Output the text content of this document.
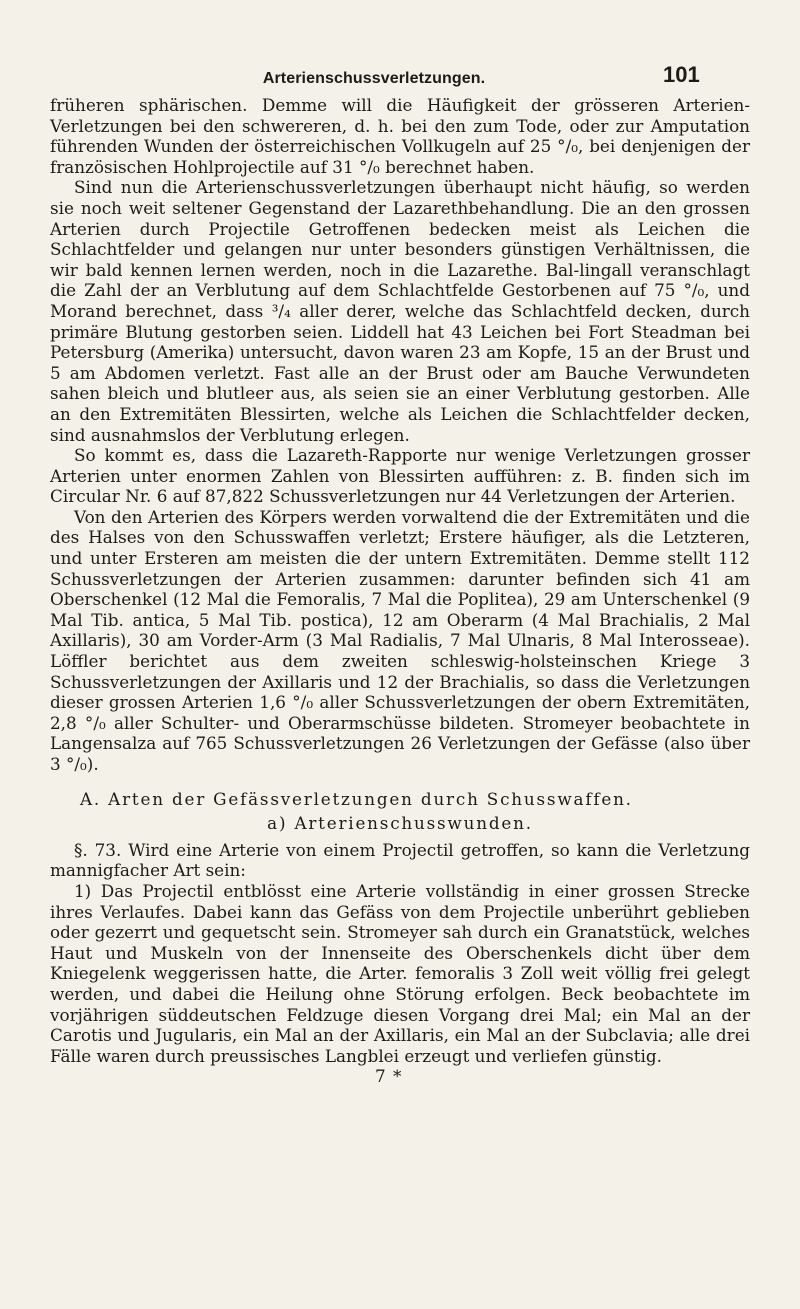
Arterienschussverletzungen.	101

früheren sphärischen. Demme will die Häufigkeit der grösseren Arterien-Verletzungen bei den schwereren, d. h. bei den zum Tode, oder zur Amputation führenden Wunden der österreichischen Vollkugeln auf 25 °/₀, bei denjenigen der französischen Hohlprojectile auf 31 °/₀ berechnet haben.

Sind nun die Arterienschussverletzungen überhaupt nicht häufig, so werden sie noch weit seltener Gegenstand der Lazarethbehandlung. Die an den grossen Arterien durch Projectile Getroffenen bedecken meist als Leichen die Schlachtfelder und gelangen nur unter besonders günstigen Verhältnissen, die wir bald kennen lernen werden, noch in die Lazarethe. Bal-lingall veranschlagt die Zahl der an Verblutung auf dem Schlachtfelde Gestorbenen auf 75 °/₀, und Morand berechnet, dass ³/₄ aller derer, welche das Schlachtfeld decken, durch primäre Blutung gestorben seien. Liddell hat 43 Leichen bei Fort Steadman bei Petersburg (Amerika) untersucht, davon waren 23 am Kopfe, 15 an der Brust und 5 am Abdomen verletzt. Fast alle an der Brust oder am Bauche Verwundeten sahen bleich und blutleer aus, als seien sie an einer Verblutung gestorben. Alle an den Extremitäten Blessirten, welche als Leichen die Schlachtfelder decken, sind ausnahmslos der Verblutung erlegen.

So kommt es, dass die Lazareth-Rapporte nur wenige Verletzungen grosser Arterien unter enormen Zahlen von Blessirten aufführen: z. B. finden sich im Circular Nr. 6 auf 87,822 Schussverletzungen nur 44 Verletzungen der Arterien.

Von den Arterien des Körpers werden vorwaltend die der Extremitäten und die des Halses von den Schusswaffen verletzt; Erstere häufiger, als die Letzteren, und unter Ersteren am meisten die der untern Extremitäten. Demme stellt 112 Schussverletzungen der Arterien zusammen: darunter befinden sich 41 am Oberschenkel (12 Mal die Femoralis, 7 Mal die Poplitea), 29 am Unterschenkel (9 Mal Tib. antica, 5 Mal Tib. postica), 12 am Oberarm (4 Mal Brachialis, 2 Mal Axillaris), 30 am Vorder-Arm (3 Mal Radialis, 7 Mal Ulnaris, 8 Mal Interosseae). Löffler berichtet aus dem zweiten schleswig-holsteinschen Kriege 3 Schussverletzungen der Axillaris und 12 der Brachialis, so dass die Verletzungen dieser grossen Arterien 1,6 °/₀ aller Schussverletzungen der obern Extremitäten, 2,8 °/₀ aller Schulter- und Oberarmschüsse bildeten. Stromeyer beobachtete in Langensalza auf 765 Schussverletzungen 26 Verletzungen der Gefässe (also über 3 °/₀).

A. Arten der Gefässverletzungen durch Schusswaffen.

a) Arterienschusswunden.

§. 73. Wird eine Arterie von einem Projectil getroffen, so kann die Verletzung mannigfacher Art sein:

1) Das Projectil entblösst eine Arterie vollständig in einer grossen Strecke ihres Verlaufes. Dabei kann das Gefäss von dem Projectile unberührt geblieben oder gezerrt und gequetscht sein. Stromeyer sah durch ein Granatstück, welches Haut und Muskeln von der Innenseite des Oberschenkels dicht über dem Kniegelenk weggerissen hatte, die Arter. femoralis 3 Zoll weit völlig frei gelegt werden, und dabei die Heilung ohne Störung erfolgen. Beck beobachtete im vorjährigen süddeutschen Feldzuge diesen Vorgang drei Mal; ein Mal an der Carotis und Jugularis, ein Mal an der Axillaris, ein Mal an der Subclavia; alle drei Fälle waren durch preussisches Langblei erzeugt und verliefen günstig.

7 *
